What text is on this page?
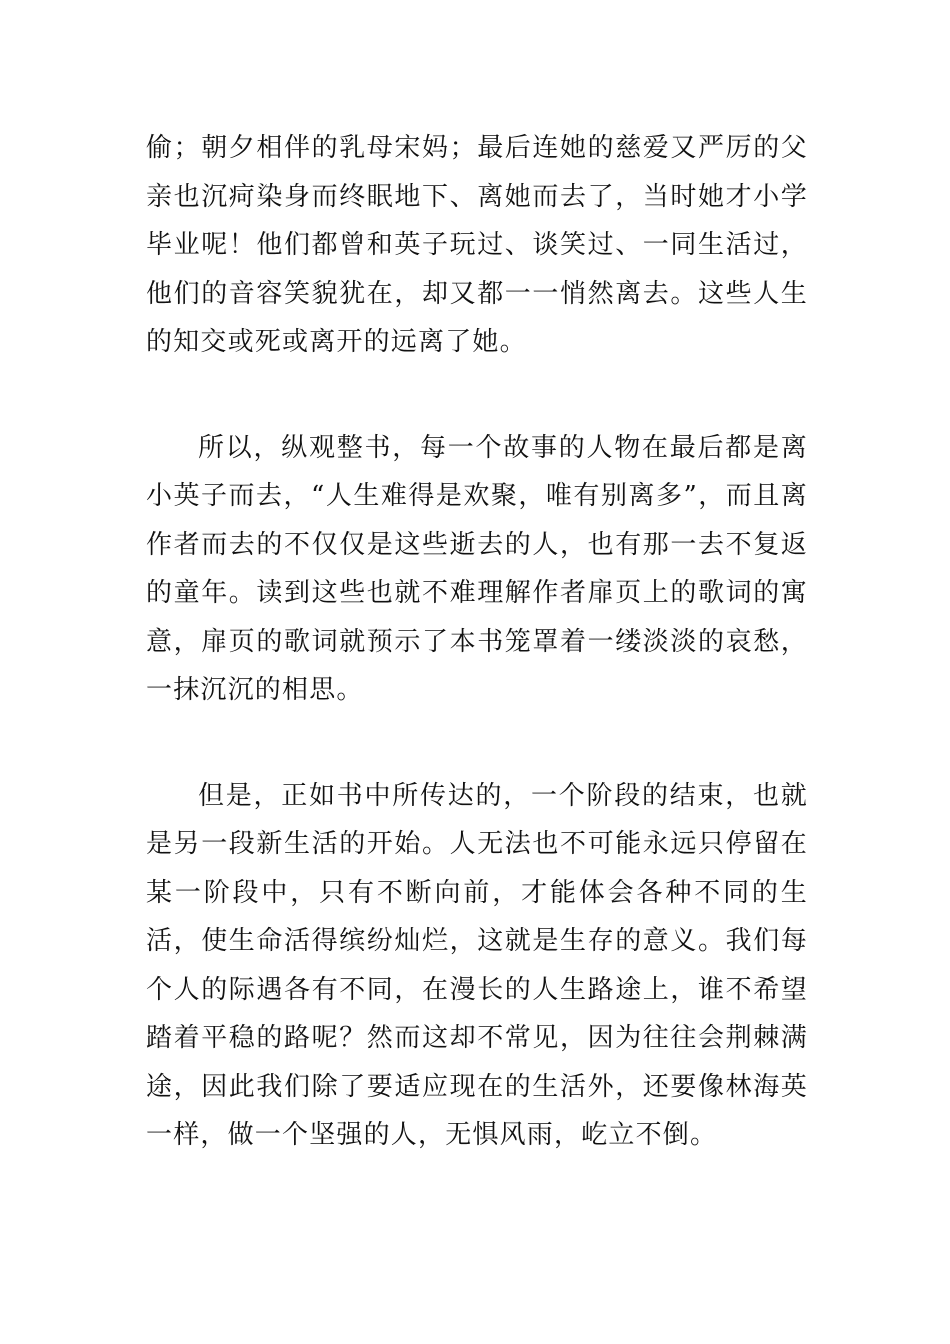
偷；朝夕相伴的乳母宋妈；最后连她的慈爱又严厉的父亲也沉疴染身而终眠地下、离她而去了，当时她才小学毕业呢！他们都曾和英子玩过、谈笑过、一同生活过，他们的音容笑貌犹在，却又都一一悄然离去。这些人生的知交或死或离开的远离了她。

所以，纵观整书，每一个故事的人物在最后都是离小英子而去，“人生难得是欢聚，唯有别离多”，而且离作者而去的不仅仅是这些逝去的人，也有那一去不复返的童年。读到这些也就不难理解作者扉页上的歌词的寓意，扉页的歌词就预示了本书笼罩着一缕淡淡的哀愁，一抹沉沉的相思。

但是，正如书中所传达的，一个阶段的结束，也就是另一段新生活的开始。人无法也不可能永远只停留在某一阶段中，只有不断向前，才能体会各种不同的生活，使生命活得缤纷灿烂，这就是生存的意义。我们每个人的际遇各有不同，在漫长的人生路途上，谁不希望踏着平稳的路呢？然而这却不常见，因为往往会荆棘满途，因此我们除了要适应现在的生活外，还要像林海英一样，做一个坚强的人，无惧风雨，屹立不倒。
